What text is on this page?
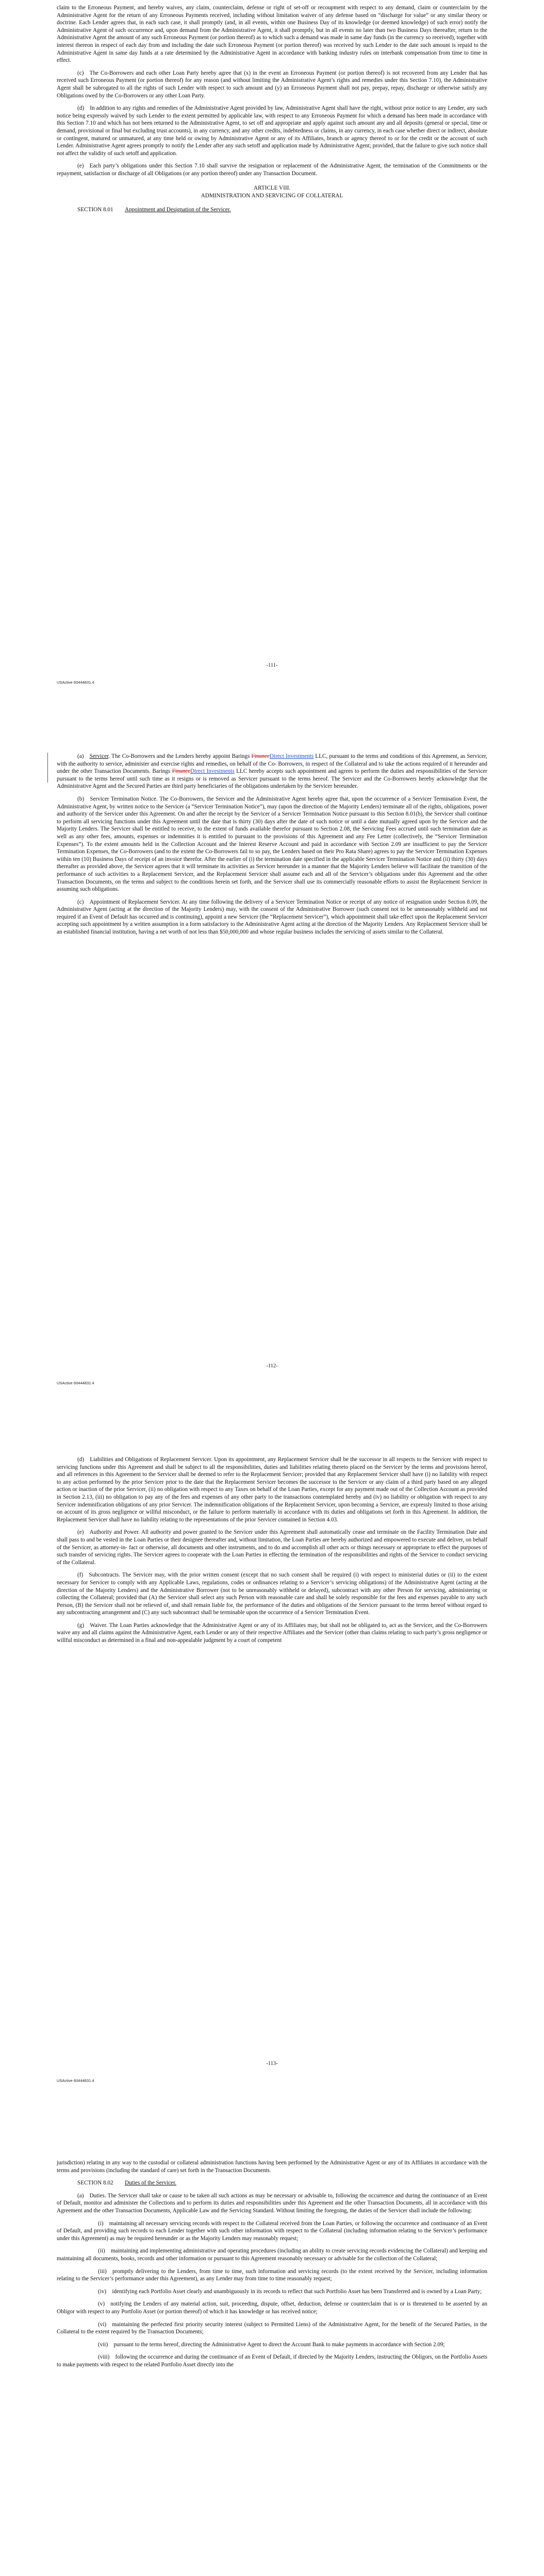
claim to the Erroneous Payment, and hereby waives, any claim, counterclaim, defense or right of set-off or recoupment with respect to any demand, claim or counterclaim by the Administrative Agent for the return of any Erroneous Payments received, including without limitation waiver of any defense based on “discharge for value” or any similar theory or doctrine. Each Lender agrees that, in each such case, it shall promptly (and, in all events, within one Business Day of its knowledge (or deemed knowledge) of such error) notify the Administrative Agent of such occurrence and, upon demand from the Administrative Agent, it shall promptly, but in all events no later than two Business Days thereafter, return to the Administrative Agent the amount of any such Erroneous Payment (or portion thereof) as to which such a demand was made in same day funds (in the currency so received), together with interest thereon in respect of each day from and including the date such Erroneous Payment (or portion thereof) was received by such Lender to the date such amount is repaid to the Administrative Agent in same day funds at a rate determined by the Administrative Agent in accordance with banking industry rules on interbank compensation from time to time in effect.

(c) The Co-Borrowers and each other Loan Party hereby agree that (x) in the event an Erroneous Payment (or portion thereof) is not recovered from any Lender that has received such Erroneous Payment (or portion thereof) for any reason (and without limiting the Administrative Agent’s rights and remedies under this Section 7.10), the Administrative Agent shall be subrogated to all the rights of such Lender with respect to such amount and (y) an Erroneous Payment shall not pay, prepay, repay, discharge or otherwise satisfy any Obligations owed by the Co-Borrowers or any other Loan Party.

(d) In addition to any rights and remedies of the Administrative Agent provided by law, Administrative Agent shall have the right, without prior notice to any Lender, any such notice being expressly waived by such Lender to the extent permitted by applicable law, with respect to any Erroneous Payment for which a demand has been made in accordance with this Section 7.10 and which has not been returned to the Administrative Agent, to set off and appropriate and apply against such amount any and all deposits (general or special, time or demand, provisional or final but excluding trust accounts), in any currency, and any other credits, indebtedness or claims, in any currency, in each case whether direct or indirect, absolute or contingent, matured or unmatured, at any time held or owing by Administrative Agent or any of its Affiliates, branch or agency thereof to or for the credit or the account of such Lender. Administrative Agent agrees promptly to notify the Lender after any such setoff and application made by Administrative Agent; provided, that the failure to give such notice shall not affect the validity of such setoff and application.

(e) Each party’s obligations under this Section 7.10 shall survive the resignation or replacement of the Administrative Agent, the termination of the Commitments or the repayment, satisfaction or discharge of all Obligations (or any portion thereof) under any Transaction Document.

ARTICLE VIII.

ADMINISTRATION AND SERVICING OF COLLATERAL

SECTION 8.01   Appointment and Designation of the Servicer.

-111-
USActive 60444831.4

(a) Servicer. The Co-Borrowers and the Lenders hereby appoint Barings FinanceDirect Investments LLC, pursuant to the terms and conditions of this Agreement, as Servicer, with the authority to service, administer and exercise rights and remedies, on behalf of the Co- Borrowers, in respect of the Collateral and to take the actions required of it hereunder and under the other Transaction Documents. Barings FinanceDirect Investments LLC hereby accepts such appointment and agrees to perform the duties and responsibilities of the Servicer pursuant to the terms hereof until such time as it resigns or is removed as Servicer pursuant to the terms hereof. The Servicer and the Co-Borrowers hereby acknowledge that the Administrative Agent and the Secured Parties are third party beneficiaries of the obligations undertaken by the Servicer hereunder.

(b) Servicer Termination Notice. The Co-Borrowers, the Servicer and the Administrative Agent hereby agree that, upon the occurrence of a Servicer Termination Event, the Administrative Agent, by written notice to the Servicer (a “Servicer Termination Notice”), may (upon the direction of the Majority Lenders) terminate all of the rights, obligations, power and authority of the Servicer under this Agreement. On and after the receipt by the Servicer of a Servicer Termination Notice pursuant to this Section 8.01(b), the Servicer shall continue to perform all servicing functions under this Agreement until the date that is thirty (30) days after the date of such notice or until a date mutually agreed upon by the Servicer and the Majority Lenders. The Servicer shall be entitled to receive, to the extent of funds available therefor pursuant to Section 2.08, the Servicing Fees accrued until such termination date as well as any other fees, amounts, expenses or indemnities it is entitled to pursuant to the provisions of this Agreement and any Fee Letter (collectively, the “Servicer Termination Expenses”). To the extent amounts held in the Collection Account and the Interest Reserve Account and paid in accordance with Section 2.09 are insufficient to pay the Servicer Termination Expenses, the Co-Borrowers (and to the extent the Co-Borrowers fail to so pay, the Lenders based on their Pro Rata Share) agrees to pay the Servicer Termination Expenses within ten (10) Business Days of receipt of an invoice therefor. After the earlier of (i) the termination date specified in the applicable Servicer Termination Notice and (ii) thirty (30) days thereafter as provided above, the Servicer agrees that it will terminate its activities as Servicer hereunder in a manner that the Majority Lenders believe will facilitate the transition of the performance of such activities to a Replacement Servicer, and the Replacement Servicer shall assume each and all of the Servicer’s obligations under this Agreement and the other Transaction Documents, on the terms and subject to the conditions herein set forth, and the Servicer shall use its commercially reasonable efforts to assist the Replacement Servicer in assuming such obligations.

(c) Appointment of Replacement Servicer. At any time following the delivery of a Servicer Termination Notice or receipt of any notice of resignation under Section 8.09, the Administrative Agent (acting at the direction of the Majority Lenders) may, with the consent of the Administrative Borrower (such consent not to be unreasonably withheld and not required if an Event of Default has occurred and is continuing), appoint a new Servicer (the “Replacement Servicer”), which appointment shall take effect upon the Replacement Servicer accepting such appointment by a written assumption in a form satisfactory to the Administrative Agent acting at the direction of the Majority Lenders. Any Replacement Servicer shall be an established financial institution, having a net worth of not less than $50,000,000 and whose regular business includes the servicing of assets similar to the Collateral.

-112-
USActive 60444831.4

(d) Liabilities and Obligations of Replacement Servicer. Upon its appointment, any Replacement Servicer shall be the successor in all respects to the Servicer with respect to servicing functions under this Agreement and shall be subject to all the responsibilities, duties and liabilities relating thereto placed on the Servicer by the terms and provisions hereof, and all references in this Agreement to the Servicer shall be deemed to refer to the Replacement Servicer; provided that any Replacement Servicer shall have (i) no liability with respect to any action performed by the prior Servicer prior to the date that the Replacement Servicer becomes the successor to the Servicer or any claim of a third party based on any alleged action or inaction of the prior Servicer, (ii) no obligation with respect to any Taxes on behalf of the Loan Parties, except for any payment made out of the Collection Account as provided in Section 2.13, (iii) no obligation to pay any of the fees and expenses of any other party to the transactions contemplated hereby and (iv) no liability or obligation with respect to any Servicer indemnification obligations of any prior Servicer. The indemnification obligations of the Replacement Servicer, upon becoming a Servicer, are expressly limited to those arising on account of its gross negligence or willful misconduct, or the failure to perform materially in accordance with its duties and obligations set forth in this Agreement. In addition, the Replacement Servicer shall have no liability relating to the representations of the prior Servicer contained in Section 4.03.

(e) Authority and Power. All authority and power granted to the Servicer under this Agreement shall automatically cease and terminate on the Facility Termination Date and shall pass to and be vested in the Loan Parties or their designee thereafter and, without limitation, the Loan Parties are hereby authorized and empowered to execute and deliver, on behalf of the Servicer, as attorney-in- fact or otherwise, all documents and other instruments, and to do and accomplish all other acts or things necessary or appropriate to effect the purposes of such transfer of servicing rights. The Servicer agrees to cooperate with the Loan Parties in effecting the termination of the responsibilities and rights of the Servicer to conduct servicing of the Collateral.

(f) Subcontracts. The Servicer may, with the prior written consent (except that no such consent shall be required (i) with respect to ministerial duties or (ii) to the extent necessary for Servicer to comply with any Applicable Laws, regulations, codes or ordinances relating to a Servicer’s servicing obligations) of the Administrative Agent (acting at the direction of the Majority Lenders) and the Administrative Borrower (not to be unreasonably withheld or delayed), subcontract with any other Person for servicing, administering or collecting the Collateral; provided that (A) the Servicer shall select any such Person with reasonable care and shall be solely responsible for the fees and expenses payable to any such Person, (B) the Servicer shall not be relieved of, and shall remain liable for, the performance of the duties and obligations of the Servicer pursuant to the terms hereof without regard to any subcontracting arrangement and (C) any such subcontract shall be terminable upon the occurrence of a Servicer Termination Event.

(g) Waiver. The Loan Parties acknowledge that the Administrative Agent or any of its Affiliates may, but shall not be obligated to, act as the Servicer, and the Co-Borrowers waive any and all claims against the Administrative Agent, each Lender or any of their respective Affiliates and the Servicer (other than claims relating to such party’s gross negligence or willful misconduct as determined in a final and non-appealable judgment by a court of competent

-113-
USActive 60444831.4

jurisdiction) relating in any way to the custodial or collateral administration functions having been performed by the Administrative Agent or any of its Affiliates in accordance with the terms and provisions (including the standard of care) set forth in the Transaction Documents.

SECTION 8.02   Duties of the Servicer.

(a) Duties. The Servicer shall take or cause to be taken all such actions as may be necessary or advisable to, following the occurrence and during the continuance of an Event of Default, monitor and administer the Collections and to perform its duties and responsibilities under this Agreement and the other Transaction Documents, all in accordance with this Agreement and the other Transaction Documents, Applicable Law and the Servicing Standard. Without limiting the foregoing, the duties of the Servicer shall include the following:

(i) maintaining all necessary servicing records with respect to the Collateral received from the Loan Parties, or following the occurrence and continuance of an Event of Default, and providing such records to each Lender together with such other information with respect to the Collateral (including information relating to the Servicer’s performance under this Agreement) as may be required hereunder or as the Majority Lenders may reasonably request;

(ii) maintaining and implementing administrative and operating procedures (including an ability to create servicing records evidencing the Collateral) and keeping and maintaining all documents, books, records and other information or pursuant to this Agreement reasonably necessary or advisable for the collection of the Collateral;

(iii) promptly delivering to the Lenders, from time to time, such information and servicing records (to the extent received by the Servicer, including information relating to the Servicer’s performance under this Agreement), as any Lender may from time to time reasonably request;

(iv) identifying each Portfolio Asset clearly and unambiguously in its records to reflect that such Portfolio Asset has been Transferred and is owned by a Loan Party;

(v) notifying the Lenders of any material action, suit, proceeding, dispute, offset, deduction, defense or counterclaim that is or is threatened to be asserted by an Obligor with respect to any Portfolio Asset (or portion thereof) of which it has knowledge or has received notice;

(vi) maintaining the perfected first priority security interest (subject to Permitted Liens) of the Administrative Agent, for the benefit of the Secured Parties, in the Collateral to the extent required by the Transaction Documents;

(vii) pursuant to the terms hereof, directing the Administrative Agent to direct the Account Bank to make payments in accordance with Section 2.09;

(viii) following the occurrence and during the continuance of an Event of Default, if directed by the Majority Lenders, instructing the Obligors, on the Portfolio Assets to make payments with respect to the related Portfolio Asset directly into the
